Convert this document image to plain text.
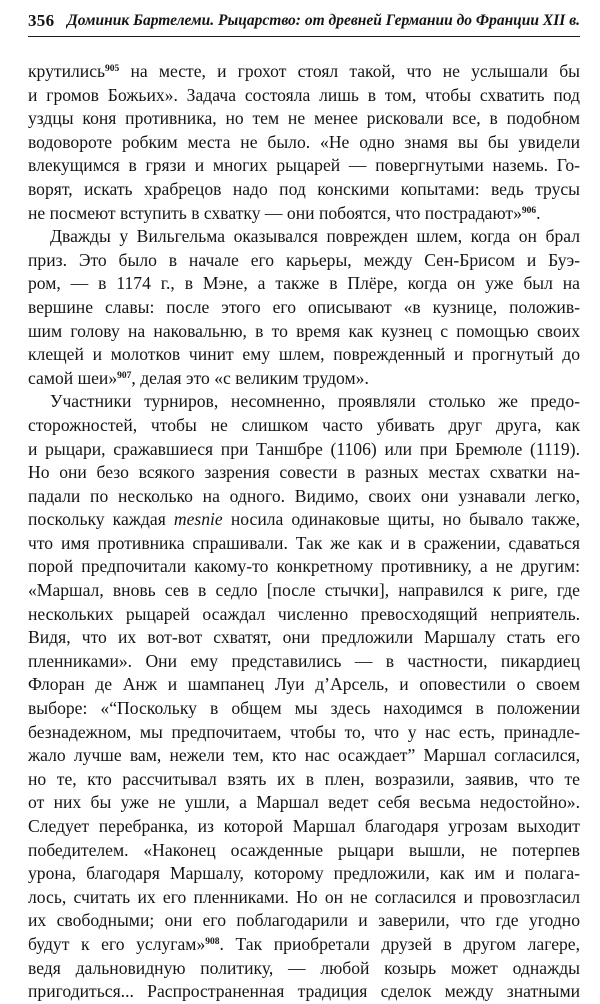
356 Доминик Бартелеми. Рыцарство: от древней Германии до Франции XII в.
крутились$^{905}$ на месте, и грохот стоял такой, что не услышали бы
и громов Божьих». Задача состояла лишь в том, чтобы схватить под
уздцы коня противника, но тем не менее рисковали все, в подобном
водовороте робким места не было. «Не одно знамя вы бы увидели
влекущимся в грязи и многих рыцарей — повергнутыми наземь. Го-
ворят, искать храбрецов надо под конскими копытами: ведь трусы
не посмеют вступить в схватку — они побоятся, что пострадают»$^{906}$.
Дважды у Вильгельма оказывался поврежден шлем, когда он брал
приз. Это было в начале его карьеры, между Сен-Брисом и Буэ-
ром, — в 1174 г., в Мэне, а также в Плёре, когда он уже был на
вершине славы: после этого его описывают «в кузнице, положив-
шим голову на наковальню, в то время как кузнец с помощью своих
клещей и молотков чинит ему шлем, поврежденный и прогнутый до
самой шеи»$^{907}$, делая это «с великим трудом».
Участники турниров, несомненно, проявляли столько же предо-
сторожностей, чтобы не слишком часто убивать друг друга, как
и рыцари, сражавшиеся при Таншбре (1106) или при Бремюле (1119).
Но они безо всякого зазрения совести в разных местах схватки на-
падали по несколько на одного. Видимо, своих они узнавали легко,
поскольку каждая mesnie носила одинаковые щиты, но бывало также,
что имя противника спрашивали. Так же как и в сражении, сдаваться
порой предпочитали какому-то конкретному противнику, а не другим:
«Маршал, вновь сев в седло [после стычки], направился к риге, где
нескольких рыцарей осаждал численно превосходящий неприятель.
Видя, что их вот-вот схватят, они предложили Маршалу стать его
пленниками». Они ему представились — в частности, пикардиец
Флоран де Анж и шампанец Луи д’Арсель, и оповестили о своем
выборе: «“Поскольку в общем мы здесь находимся в положении
безнадежном, мы предпочитаем, чтобы то, что у нас есть, принадле-
жало лучше вам, нежели тем, кто нас осаждает” Маршал согласился,
но те, кто рассчитывал взять их в плен, возразили, заявив, что те
от них бы уже не ушли, а Маршал ведет себя весьма недостойно».
Следует перебранка, из которой Маршал благодаря угрозам выходит
победителем. «Наконец осажденные рыцари вышли, не потерпев
урона, благодаря Маршалу, которому предложили, как им и полага-
лось, считать их его пленниками. Но он не согласился и провозгласил
их свободными; они его поблагодарили и заверили, что где угодно
будут к его услугам»$^{908}$. Так приобретали друзей в другом лагере,
ведя дальновидную политику, — любой козырь может однажды
пригодиться... Распространенная традиция сделок между знатными
